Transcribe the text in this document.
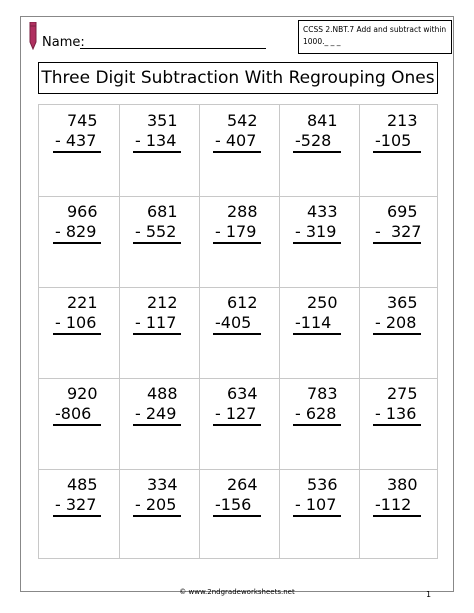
Name:
CCSS 2.NBT.7 Add and subtract within
1000._ _ _
Three Digit Subtraction With Regrouping Ones
745
- 437
351
- 134
542
- 407
841
-528
213
-105
966
- 829
681
- 552
288
- 179
433
- 319
695
-  327
221
- 106
212
- 117
612
-405
250
-114
365
- 208
920
-806
488
- 249
634
- 127
783
- 628
275
- 136
485
- 327
334
- 205
264
-156
536
- 107
380
-112
© www.2ndgradeworksheets.net	1
